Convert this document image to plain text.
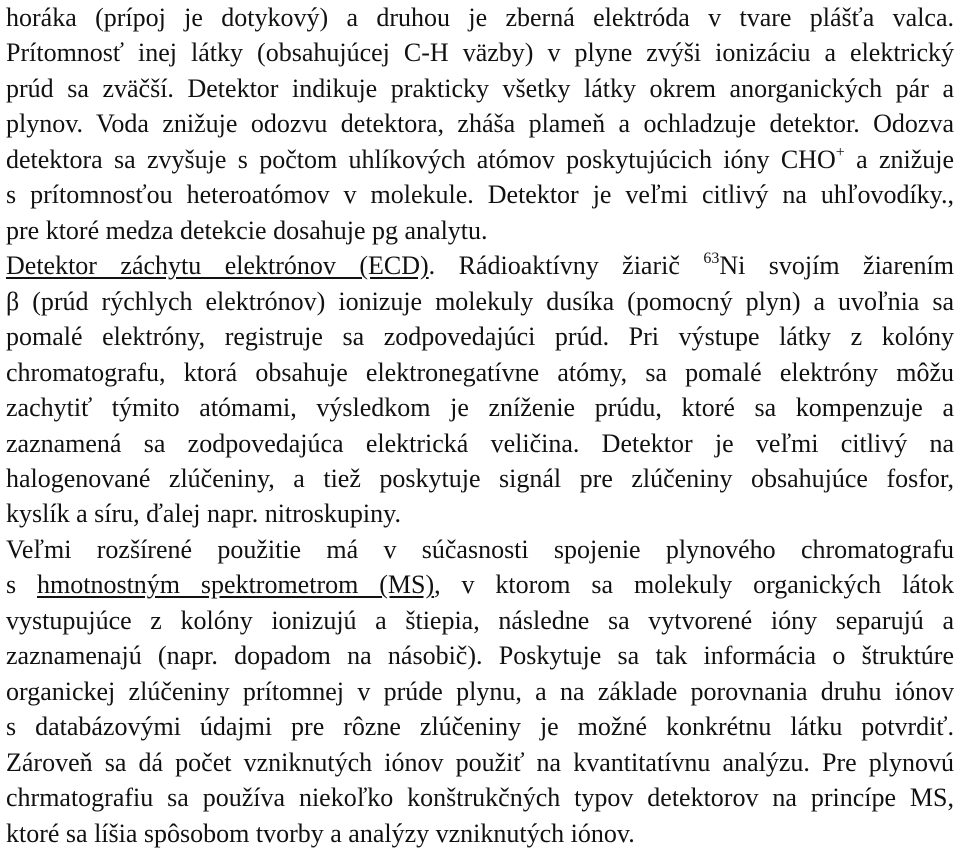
horáka (prípoj je dotykový) a druhou je zberná elektróda v tvare plášťa valca.
Prítomnosť inej látky (obsahujúcej C-H väzby) v plyne zvýši ionizáciu a elektrický
prúd sa zväčší. Detektor indikuje prakticky všetky látky okrem anorganických pár a
plynov. Voda znižuje odozvu detektora, zháša plameň a ochladzuje detektor. Odozva
detektora sa zvyšuje s počtom uhlíkových atómov poskytujúcich ióny CHO+ a znižuje
s prítomnosťou heteroatómov v molekule. Detektor je veľmi citlivý na uhľovodíky.,
pre ktoré medza detekcie dosahuje pg analytu.
Detektor záchytu elektrónov (ECD). Rádioaktívny žiarič $^{63}$Ni svojím žiarením
β (prúd rýchlych elektrónov) ionizuje molekuly dusíka (pomocný plyn) a uvoľnia sa
pomalé elektróny, registruje sa zodpovedajúci prúd. Pri výstupe látky z kolóny
chromatografu, ktorá obsahuje elektronegatívne atómy, sa pomalé elektróny môžu
zachytiť týmito atómami, výsledkom je zníženie prúdu, ktoré sa kompenzuje a
zaznamená sa zodpovedajúca elektrická veličina. Detektor je veľmi citlivý na
halogenované zlúčeniny, a tiež poskytuje signál pre zlúčeniny obsahujúce fosfor,
kyslík a síru, ďalej napr. nitroskupiny.
Veľmi rozšírené použitie má v súčasnosti spojenie plynového chromatografu
s hmotnostným spektrometrom (MS), v ktorom sa molekuly organických látok
vystupujúce z kolóny ionizujú a štiepia, následne sa vytvorené ióny separujú a
zaznamenajú (napr. dopadom na násobič). Poskytuje sa tak informácia o štruktúre
organickej zlúčeniny prítomnej v prúde plynu, a na základe porovnania druhu iónov
s databázovými údajmi pre rôzne zlúčeniny je možné konkrétnu látku potvrdiť.
Zároveň sa dá počet vzniknutých iónov použiť na kvantitatívnu analýzu. Pre plynovú
chrmatografiu sa používa niekoľko konštrukčných typov detektorov na princípe MS,
ktoré sa líšia spôsobom tvorby a analýzy vzniknutých iónov.
